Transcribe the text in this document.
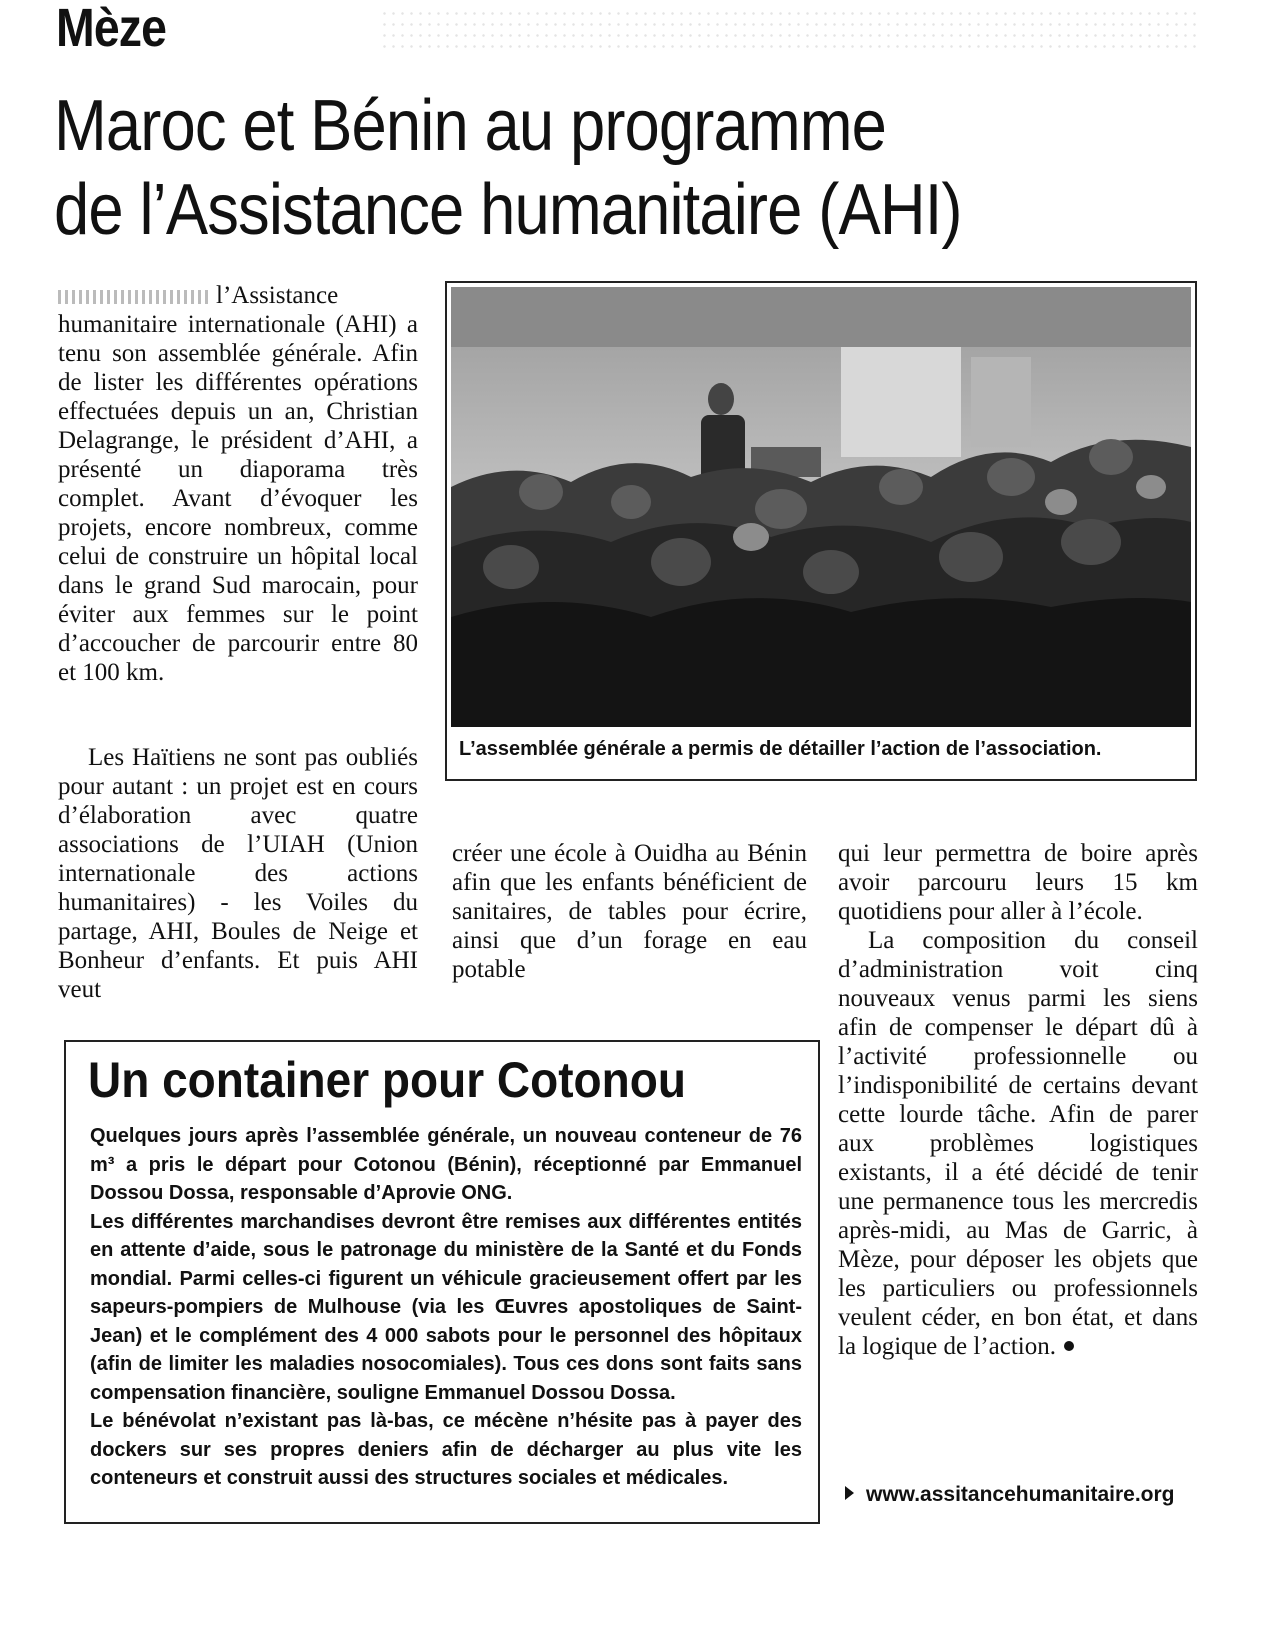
Mèze
Maroc et Bénin au programme
de l’Assistance humanitaire (AHI)

l’Assistance humanitaire internationale (AHI) a tenu son assemblée générale. Afin de lister les différentes opérations effectuées depuis un an, Christian Delagrange, le président d’AHI, a présenté un diaporama très complet. Avant d’évoquer les projets, encore nombreux, comme celui de construire un hôpital local dans le grand Sud marocain, pour éviter aux femmes sur le point d’accoucher de parcourir entre 80 et 100 km.

Les Haïtiens ne sont pas oubliés pour autant : un projet est en cours d’élaboration avec quatre associations de l’UIAH (Union internationale des actions humanitaires) - les Voiles du partage, AHI, Boules de Neige et Bonheur d’enfants. Et puis AHI veut

L’assemblée générale a permis de détailler l’action de l’association.

créer une école à Ouidha au Bénin afin que les enfants bénéficient de sanitaires, de tables pour écrire, ainsi que d’un forage en eau potable

qui leur permettra de boire après avoir parcouru leurs 15 km quotidiens pour aller à l’école.

La composition du conseil d’administration voit cinq nouveaux venus parmi les siens afin de compenser le départ dû à l’activité professionnelle ou l’indisponibilité de certains devant cette lourde tâche. Afin de parer aux problèmes logistiques existants, il a été décidé de tenir une permanence tous les mercredis après-midi, au Mas de Garric, à Mèze, pour déposer les objets que les particuliers ou professionnels veulent céder, en bon état, et dans la logique de l’action.

Un container pour Cotonou

Quelques jours après l’assemblée générale, un nouveau conteneur de 76 m³ a pris le départ pour Cotonou (Bénin), réceptionné par Emmanuel Dossou Dossa, responsable d’Aprovie ONG.

Les différentes marchandises devront être remises aux différentes entités en attente d’aide, sous le patronage du ministère de la Santé et du Fonds mondial. Parmi celles-ci figurent un véhicule gracieusement offert par les sapeurs-pompiers de Mulhouse (via les Œuvres apostoliques de Saint-Jean) et le complément des 4 000 sabots pour le personnel des hôpitaux (afin de limiter les maladies nosocomiales). Tous ces dons sont faits sans compensation financière, souligne Emmanuel Dossou Dossa.

Le bénévolat n’existant pas là-bas, ce mécène n’hésite pas à payer des dockers sur ses propres deniers afin de décharger au plus vite les conteneurs et construit aussi des structures sociales et médicales.

www.assitancehumanitaire.org
